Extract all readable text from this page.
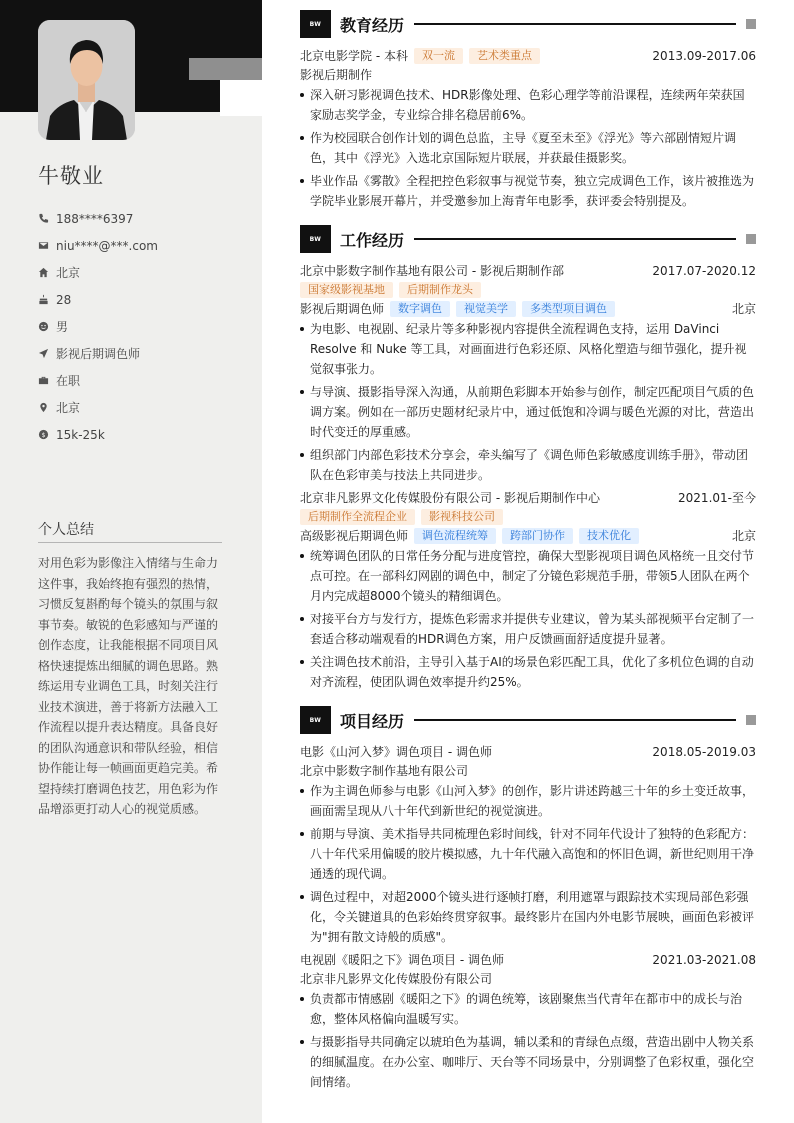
牛敬业
188****6397
niu****@***.com
北京
28
男
影视后期调色师
在职
北京
$ 15k-25k
个人总结
对用色彩为影像注入情绪与生命力这件事，我始终抱有强烈的热情，习惯反复斟酌每个镜头的氛围与叙事节奏。敏锐的色彩感知与严谨的创作态度，让我能根据不同项目风格快速提炼出细腻的调色思路。熟练运用专业调色工具，时刻关注行业技术演进，善于将新方法融入工作流程以提升表达精度。具备良好的团队沟通意识和带队经验，相信协作能让每一帧画面更趋完美。希望持续打磨调色技艺，用色彩为作品增添更打动人心的视觉质感。
BW	教育经历
北京电影学院 - 本科	双一流	艺术类重点	2013.09-2017.06
影视后期制作
深入研习影视调色技术、HDR影像处理、色彩心理学等前沿课程，连续两年荣获国家励志奖学金，专业综合排名稳居前6%。
作为校园联合创作计划的调色总监，主导《夏至未至》《浮光》等六部剧情短片调色，其中《浮光》入选北京国际短片联展，并获最佳摄影奖。
毕业作品《雾散》全程把控色彩叙事与视觉节奏，独立完成调色工作，该片被推选为学院毕业影展开幕片，并受邀参加上海青年电影季，获评委会特别提及。
BW	工作经历
北京中影数字制作基地有限公司 - 影视后期制作部	2017.07-2020.12
国家级影视基地	后期制作龙头
影视后期调色师	数字调色	视觉美学	多类型项目调色	北京
为电影、电视剧、纪录片等多种影视内容提供全流程调色支持，运用 DaVinci Resolve 和 Nuke 等工具，对画面进行色彩还原、风格化塑造与细节强化，提升视觉叙事张力。
与导演、摄影指导深入沟通，从前期色彩脚本开始参与创作，制定匹配项目气质的色调方案。例如在一部历史题材纪录片中，通过低饱和冷调与暖色光源的对比，营造出时代变迁的厚重感。
组织部门内部色彩技术分享会，牵头编写了《调色师色彩敏感度训练手册》，带动团队在色彩审美与技法上共同进步。
北京非凡影界文化传媒股份有限公司 - 影视后期制作中心	2021.01-至今
后期制作全流程企业	影视科技公司
高级影视后期调色师	调色流程统筹	跨部门协作	技术优化	北京
统筹调色团队的日常任务分配与进度管控，确保大型影视项目调色风格统一且交付节点可控。在一部科幻网剧的调色中，制定了分镜色彩规范手册，带领5人团队在两个月内完成超8000个镜头的精细调色。
对接平台方与发行方，提炼色彩需求并提供专业建议，曾为某头部视频平台定制了一套适合移动端观看的HDR调色方案，用户反馈画面舒适度提升显著。
关注调色技术前沿，主导引入基于AI的场景色彩匹配工具，优化了多机位色调的自动对齐流程，使团队调色效率提升约25%。
BW	项目经历
电影《山河入梦》调色项目 - 调色师	2018.05-2019.03
北京中影数字制作基地有限公司
作为主调色师参与电影《山河入梦》的创作，影片讲述跨越三十年的乡土变迁故事，画面需呈现从八十年代到新世纪的视觉演进。
前期与导演、美术指导共同梳理色彩时间线，针对不同年代设计了独特的色彩配方：八十年代采用偏暖的胶片模拟感，九十年代融入高饱和的怀旧色调，新世纪则用干净通透的现代调。
调色过程中，对超2000个镜头进行逐帧打磨，利用遮罩与跟踪技术实现局部色彩强化，令关键道具的色彩始终贯穿叙事。最终影片在国内外电影节展映，画面色彩被评为"拥有散文诗般的质感"。
电视剧《暖阳之下》调色项目 - 调色师	2021.03-2021.08
北京非凡影界文化传媒股份有限公司
负责都市情感剧《暖阳之下》的调色统筹，该剧聚焦当代青年在都市中的成长与治愈，整体风格偏向温暖写实。
与摄影指导共同确定以琥珀色为基调，辅以柔和的青绿色点缀，营造出剧中人物关系的细腻温度。在办公室、咖啡厅、天台等不同场景中，分别调整了色彩权重，强化空间情绪。
